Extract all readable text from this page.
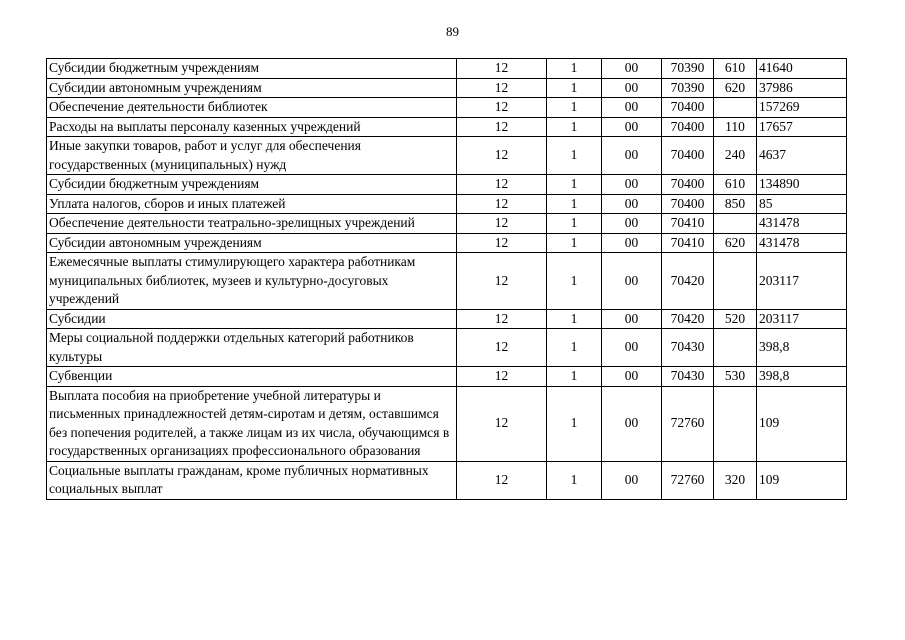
89
Субсидии бюджетным учреждениям	12	1	00	70390	610	41640
Субсидии автономным учреждениям	12	1	00	70390	620	37986
Обеспечение деятельности библиотек	12	1	00	70400		157269
Расходы на выплаты персоналу казенных учреждений	12	1	00	70400	110	17657
Иные закупки товаров, работ и услуг для обеспечения государственных (муниципальных) нужд	12	1	00	70400	240	4637
Субсидии бюджетным учреждениям	12	1	00	70400	610	134890
Уплата налогов, сборов и иных платежей	12	1	00	70400	850	85
Обеспечение деятельности театрально-зрелищных учреждений	12	1	00	70410		431478
Субсидии автономным учреждениям	12	1	00	70410	620	431478
Ежемесячные выплаты стимулирующего характера работникам муниципальных библиотек, музеев и культурно-досуговых учреждений	12	1	00	70420		203117
Субсидии	12	1	00	70420	520	203117
Меры социальной поддержки отдельных категорий работников культуры	12	1	00	70430		398,8
Субвенции	12	1	00	70430	530	398,8
Выплата пособия на приобретение учебной литературы и письменных принадлежностей детям-сиротам и детям, оставшимся без попечения родителей, а также лицам из их числа, обучающимся в государственных организациях профессионального образования	12	1	00	72760		109
Социальные выплаты гражданам, кроме публичных нормативных социальных выплат	12	1	00	72760	320	109
